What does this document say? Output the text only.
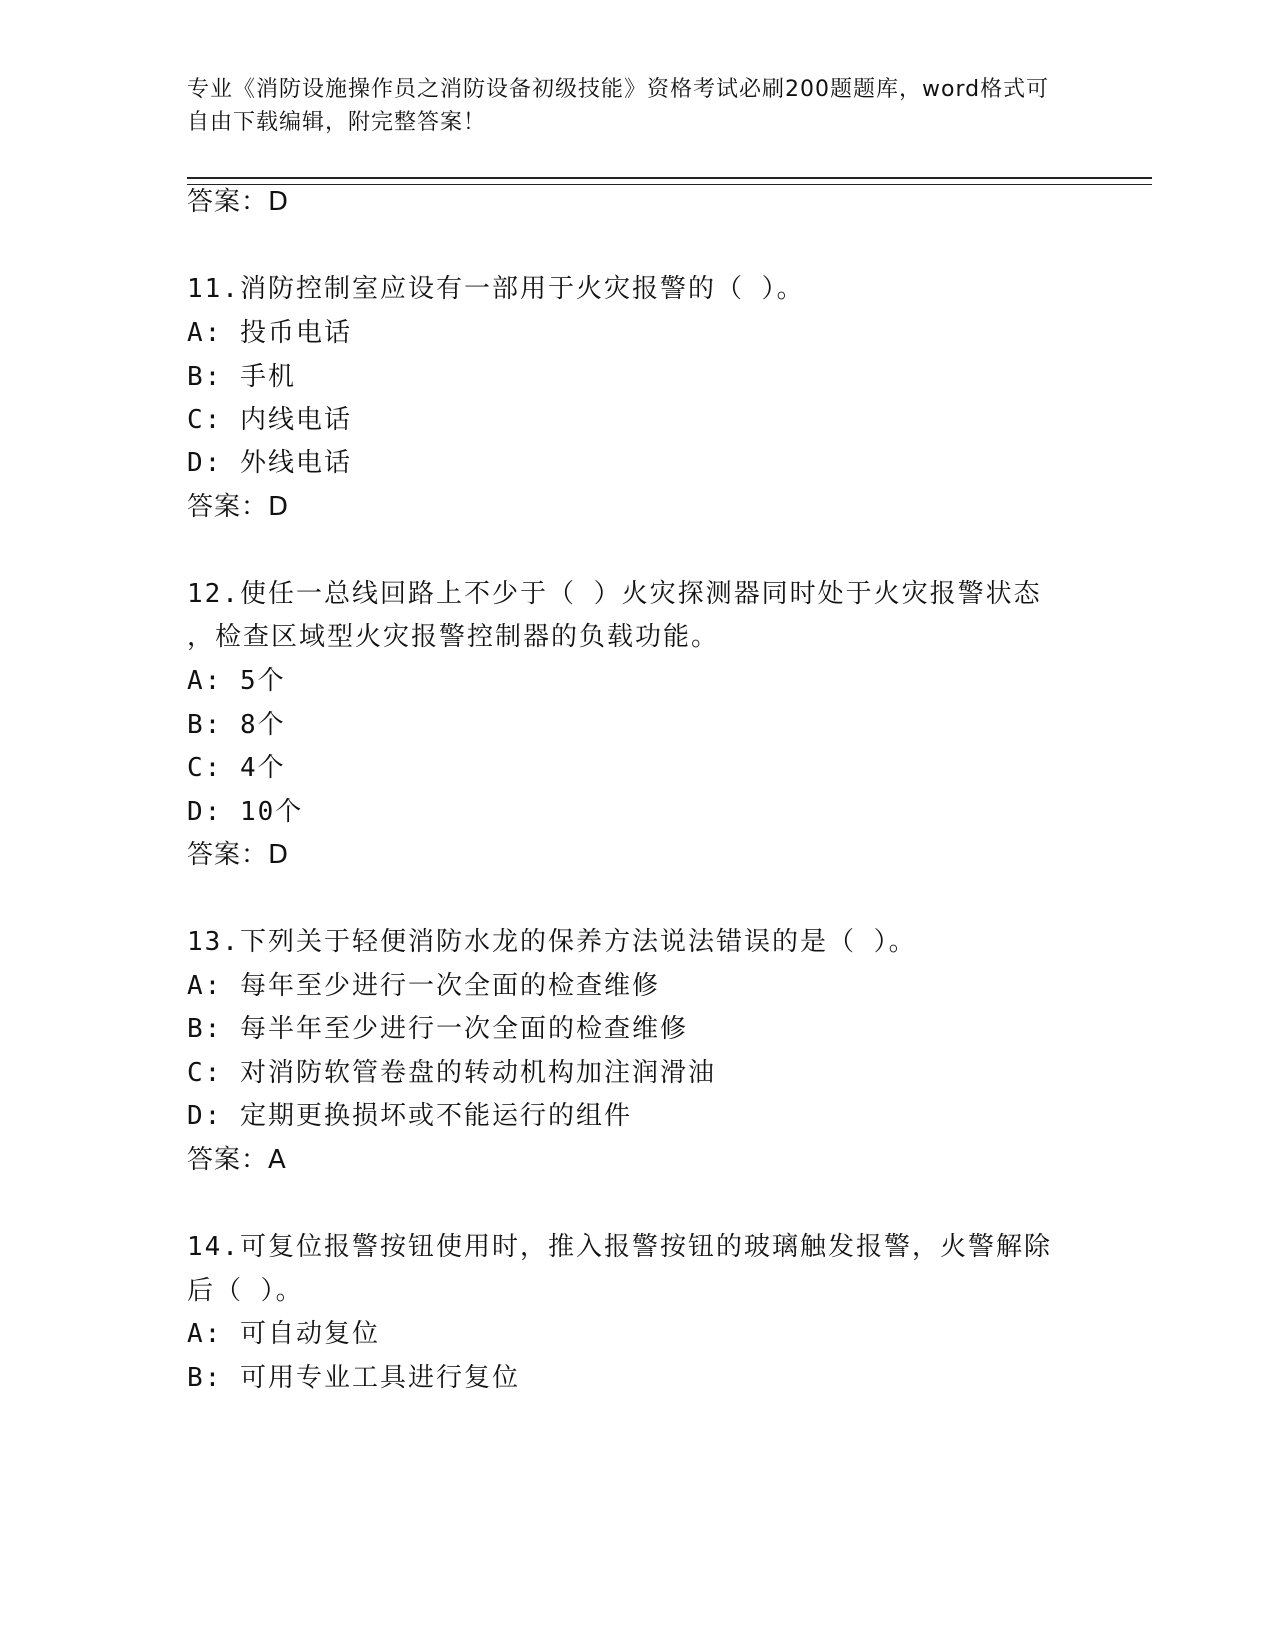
专业《消防设施操作员之消防设备初级技能》资格考试必刷200题题库，word格式可自由下载编辑，附完整答案！
答案：D
11.消防控制室应设有一部用于火灾报警的（ ）。
A: 投币电话
B: 手机
C: 内线电话
D: 外线电话
答案：D
12.使任一总线回路上不少于（ ）火灾探测器同时处于火灾报警状态
，检查区域型火灾报警控制器的负载功能。
A: 5个
B: 8个
C: 4个
D: 10个
答案：D
13.下列关于轻便消防水龙的保养方法说法错误的是（ ）。
A: 每年至少进行一次全面的检查维修
B: 每半年至少进行一次全面的检查维修
C: 对消防软管卷盘的转动机构加注润滑油
D: 定期更换损坏或不能运行的组件
答案：A
14.可复位报警按钮使用时，推入报警按钮的玻璃触发报警，火警解除
后（ ）。
A: 可自动复位
B: 可用专业工具进行复位
